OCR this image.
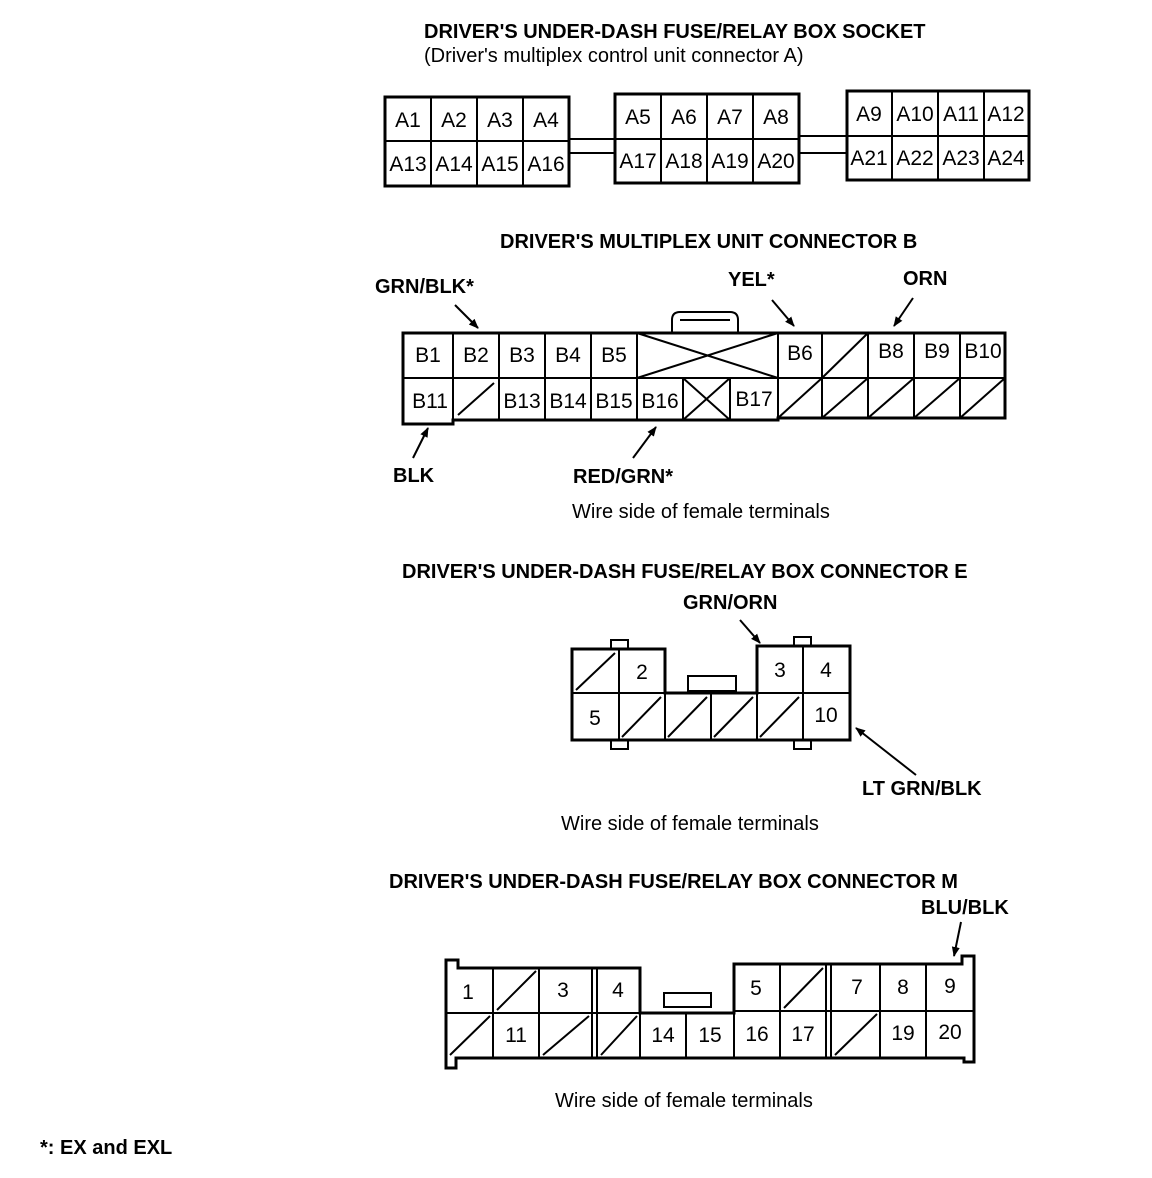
DRIVER'S UNDER-DASH FUSE/RELAY BOX SOCKET
(Driver's multiplex control unit connector A)
A1 A2 A3 A4	A5 A6 A7 A8	A9 A10 A11 A12
A13 A14 A15 A16	A17 A18 A19 A20	A21 A22 A23 A24
DRIVER'S MULTIPLEX UNIT CONNECTOR B
B1 B2 B3 B4 B5	B6	B8 B9 B10
B11	B13 B14 B15 B16	B17
GRN/BLK*	YEL*	ORN
BLK	RED/GRN*
Wire side of female terminals
DRIVER'S UNDER-DASH FUSE/RELAY BOX CONNECTOR E
GRN/ORN
2	3 4
5	10
LT GRN/BLK
Wire side of female terminals
DRIVER'S UNDER-DASH FUSE/RELAY BOX CONNECTOR M
BLU/BLK
1	3 4	5	7 8 9
11	14 15 16 17	19 20
Wire side of female terminals
*: EX and EXL
